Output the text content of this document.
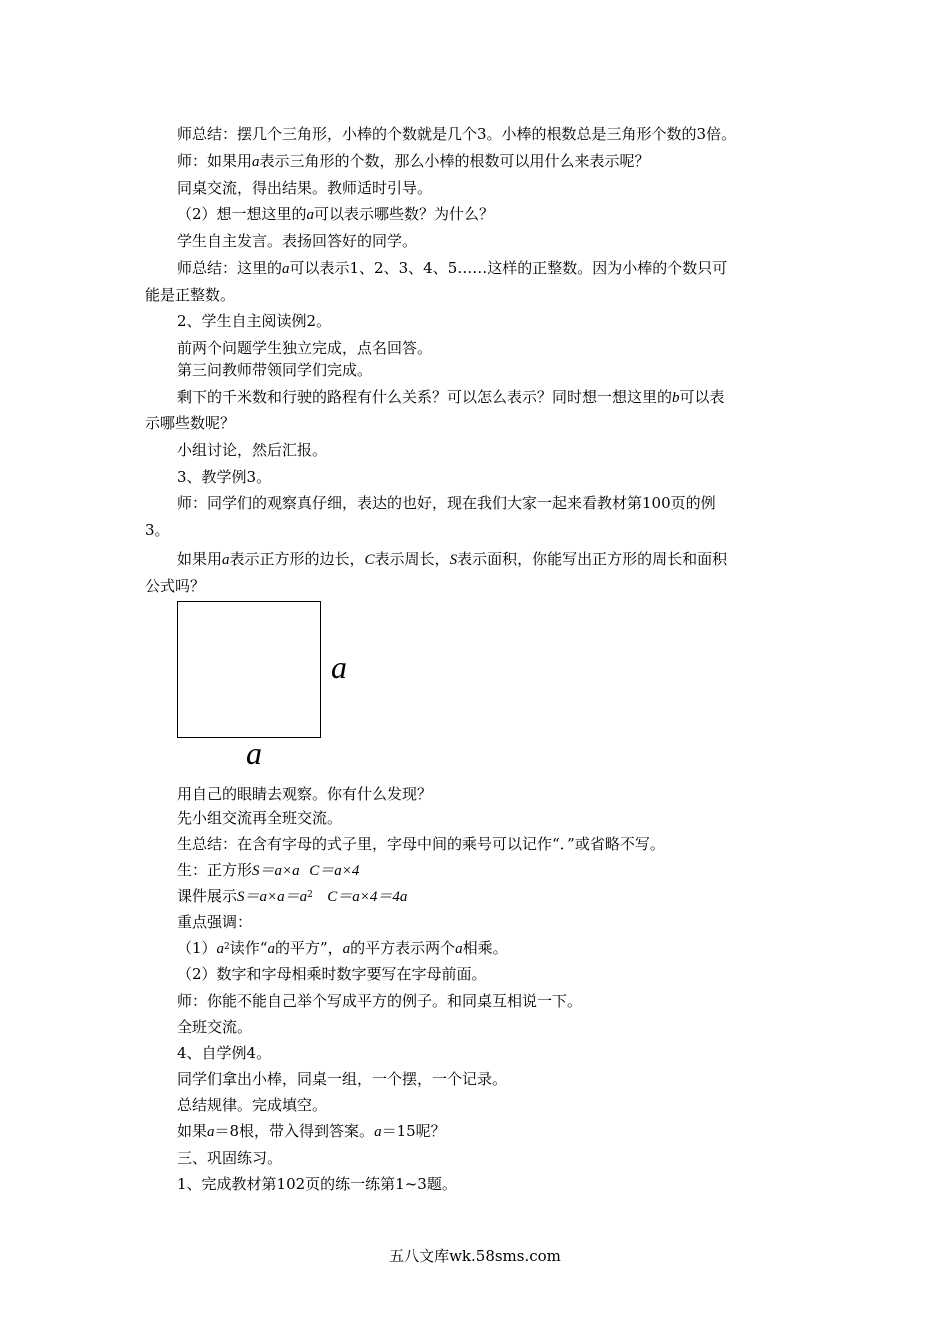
师总结：摆几个三角形，小棒的个数就是几个3。小棒的根数总是三角形个数的3倍。
师：如果用a表示三角形的个数，那么小棒的根数可以用什么来表示呢？
同桌交流，得出结果。教师适时引导。
（2）想一想这里的a可以表示哪些数？为什么？
学生自主发言。表扬回答好的同学。
师总结：这里的a可以表示1、2、3、4、5……这样的正整数。因为小棒的个数只可
能是正整数。
2、学生自主阅读例2。
前两个问题学生独立完成，点名回答。
第三问教师带领同学们完成。
剩下的千米数和行驶的路程有什么关系？可以怎么表示？同时想一想这里的b可以表
示哪些数呢？
小组讨论，然后汇报。
3、教学例3。
师：同学们的观察真仔细，表达的也好，现在我们大家一起来看教材第100页的例
3。
如果用a表示正方形的边长，C表示周长，S表示面积，你能写出正方形的周长和面积
公式吗？
a
a
用自己的眼睛去观察。你有什么发现？
先小组交流再全班交流。
生总结：在含有字母的式子里，字母中间的乘号可以记作“．”或省略不写。
生：正方形S＝a×a C＝a×4
课件展示$S=a\times a=a^2$ C＝a×4＝4a
重点强调：
$(1)a^2$读作“a的平方”，a的平方表示两个a相乘。
（2）数字和字母相乘时数字要写在字母前面。
师：你能不能自己举个写成平方的例子。和同桌互相说一下。
全班交流。
4、自学例4。
同学们拿出小棒，同桌一组，一个摆，一个记录。
总结规律。完成填空。
如果a＝8根，带入得到答案。a＝15呢？
三、巩固练习。
1、完成教材第102页的练一练第1~3题。
五八文库wk.58sms.com
